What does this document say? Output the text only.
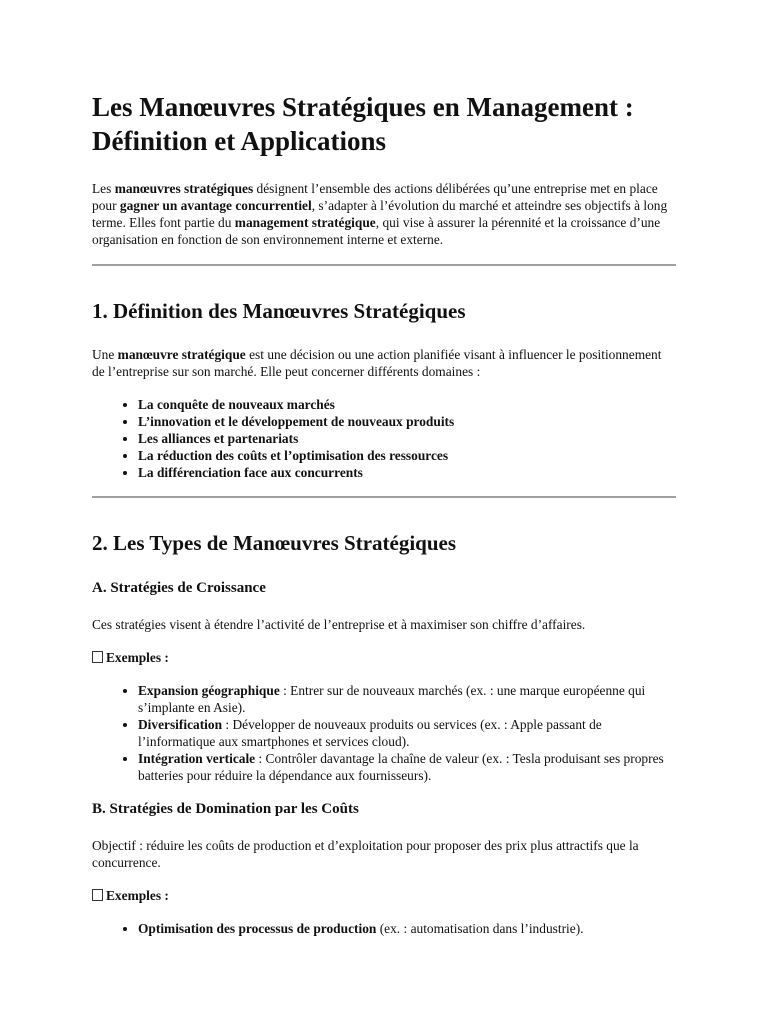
Les Manœuvres Stratégiques en Management : Définition et Applications

Les manœuvres stratégiques désignent l’ensemble des actions délibérées qu’une entreprise met en place pour gagner un avantage concurrentiel, s’adapter à l’évolution du marché et atteindre ses objectifs à long terme. Elles font partie du management stratégique, qui vise à assurer la pérennité et la croissance d’une organisation en fonction de son environnement interne et externe.

1. Définition des Manœuvres Stratégiques

Une manœuvre stratégique est une décision ou une action planifiée visant à influencer le positionnement de l’entreprise sur son marché. Elle peut concerner différents domaines :

• La conquête de nouveaux marchés
• L’innovation et le développement de nouveaux produits
• Les alliances et partenariats
• La réduction des coûts et l’optimisation des ressources
• La différenciation face aux concurrents
2. Les Types de Manœuvres Stratégiques
A. Stratégies de Croissance

Ces stratégies visent à étendre l’activité de l’entreprise et à maximiser son chiffre d’affaires.

Exemples :

• Expansion géographique : Entrer sur de nouveaux marchés (ex. : une marque européenne qui s’implante en Asie).
• Diversification : Développer de nouveaux produits ou services (ex. : Apple passant de l’informatique aux smartphones et services cloud).
• Intégration verticale : Contrôler davantage la chaîne de valeur (ex. : Tesla produisant ses propres batteries pour réduire la dépendance aux fournisseurs).
B. Stratégies de Domination par les Coûts

Objectif : réduire les coûts de production et d’exploitation pour proposer des prix plus attractifs que la concurrence.

Exemples :

• Optimisation des processus de production (ex. : automatisation dans l’industrie).
